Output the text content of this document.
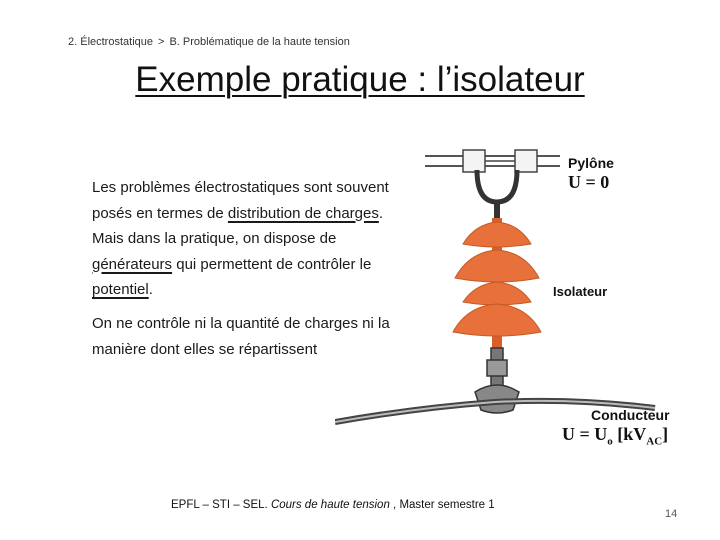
2. Électrostatique > B. Problématique de la haute tension
Exemple pratique : l’isolateur
Les problèmes électrostatiques sont souvent posés en termes de distribution de charges. Mais dans la pratique, on dispose de générateurs qui permettent de contrôler le potentiel.
On ne contrôle ni la quantité de charges ni la manière dont elles se répartissent
Pylône
U = 0
Isolateur
Conducteur
$U = U_o$ $[kV_{AC}]$
EPFL – STI – SEL. Cours de haute tension , Master semestre 1
14
